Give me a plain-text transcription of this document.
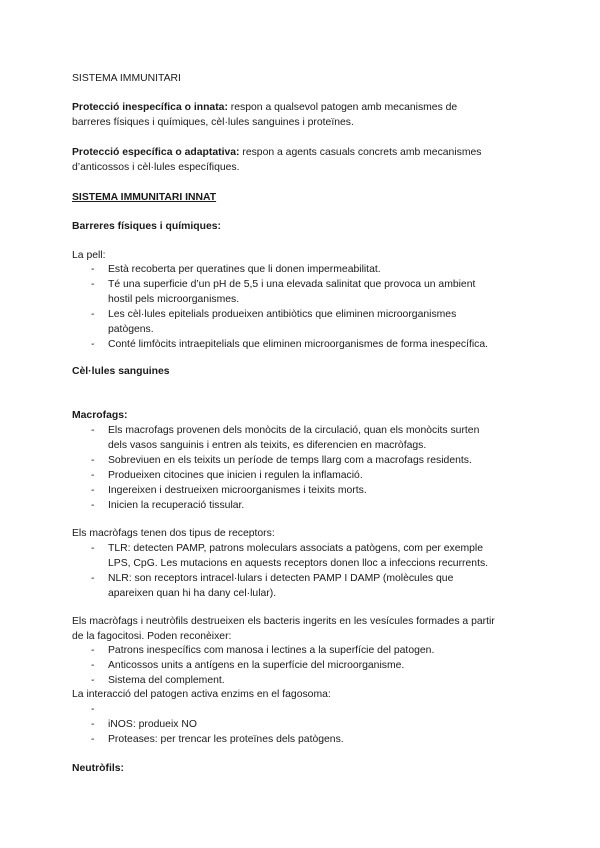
SISTEMA IMMUNITARI
Protecció inespecífica o innata: respon a qualsevol patogen amb mecanismes de
barreres físiques i químiques, cèl·lules sanguines i proteïnes.
Protecció específica o adaptativa: respon a agents casuals concrets amb mecanismes
d’anticossos i cèl·lules específiques.
SISTEMA IMMUNITARI INNAT
Barreres físiques i químiques:
La pell:
- Està recoberta per queratines que li donen impermeabilitat.
- Té una superficie d’un pH de 5,5 i una elevada salinitat que provoca un ambient
hostil pels microorganismes.
- Les cèl·lules epitelials produeixen antibiòtics que eliminen microorganismes
patògens.
- Conté limfòcits intraepitelials que eliminen microorganismes de forma inespecífica.
Cèl·lules sanguines
Macrofags:
- Els macrofags provenen dels monòcits de la circulació, quan els monòcits surten
dels vasos sanguinis i entren als teixits, es diferencien en macròfags.
- Sobreviuen en els teixits un període de temps llarg com a macrofags residents.
- Produeixen citocines que inicien i regulen la inflamació.
- Ingereixen i destrueixen microorganismes i teixits morts.
- Inicien la recuperació tissular.
Els macròfags tenen dos tipus de receptors:
- TLR: detecten PAMP, patrons moleculars associats a patògens, com per exemple
LPS, CpG. Les mutacions en aquests receptors donen lloc a infeccions recurrents.
- NLR: son receptors intracel·lulars i detecten PAMP I DAMP (molècules que
apareixen quan hi ha dany cel·lular).
Els macròfags i neutròfils destrueixen els bacteris ingerits en les vesícules formades a partir
de la fagocitosi. Poden reconèixer:
- Patrons inespecífics com manosa i lectines a la superfície del patogen.
- Anticossos units a antígens en la superfície del microorganisme.
- Sistema del complement.
La interacció del patogen activa enzims en el fagosoma:
-
- iNOS: produeix NO
- Proteases: per trencar les proteïnes dels patògens.
Neutròfils:
